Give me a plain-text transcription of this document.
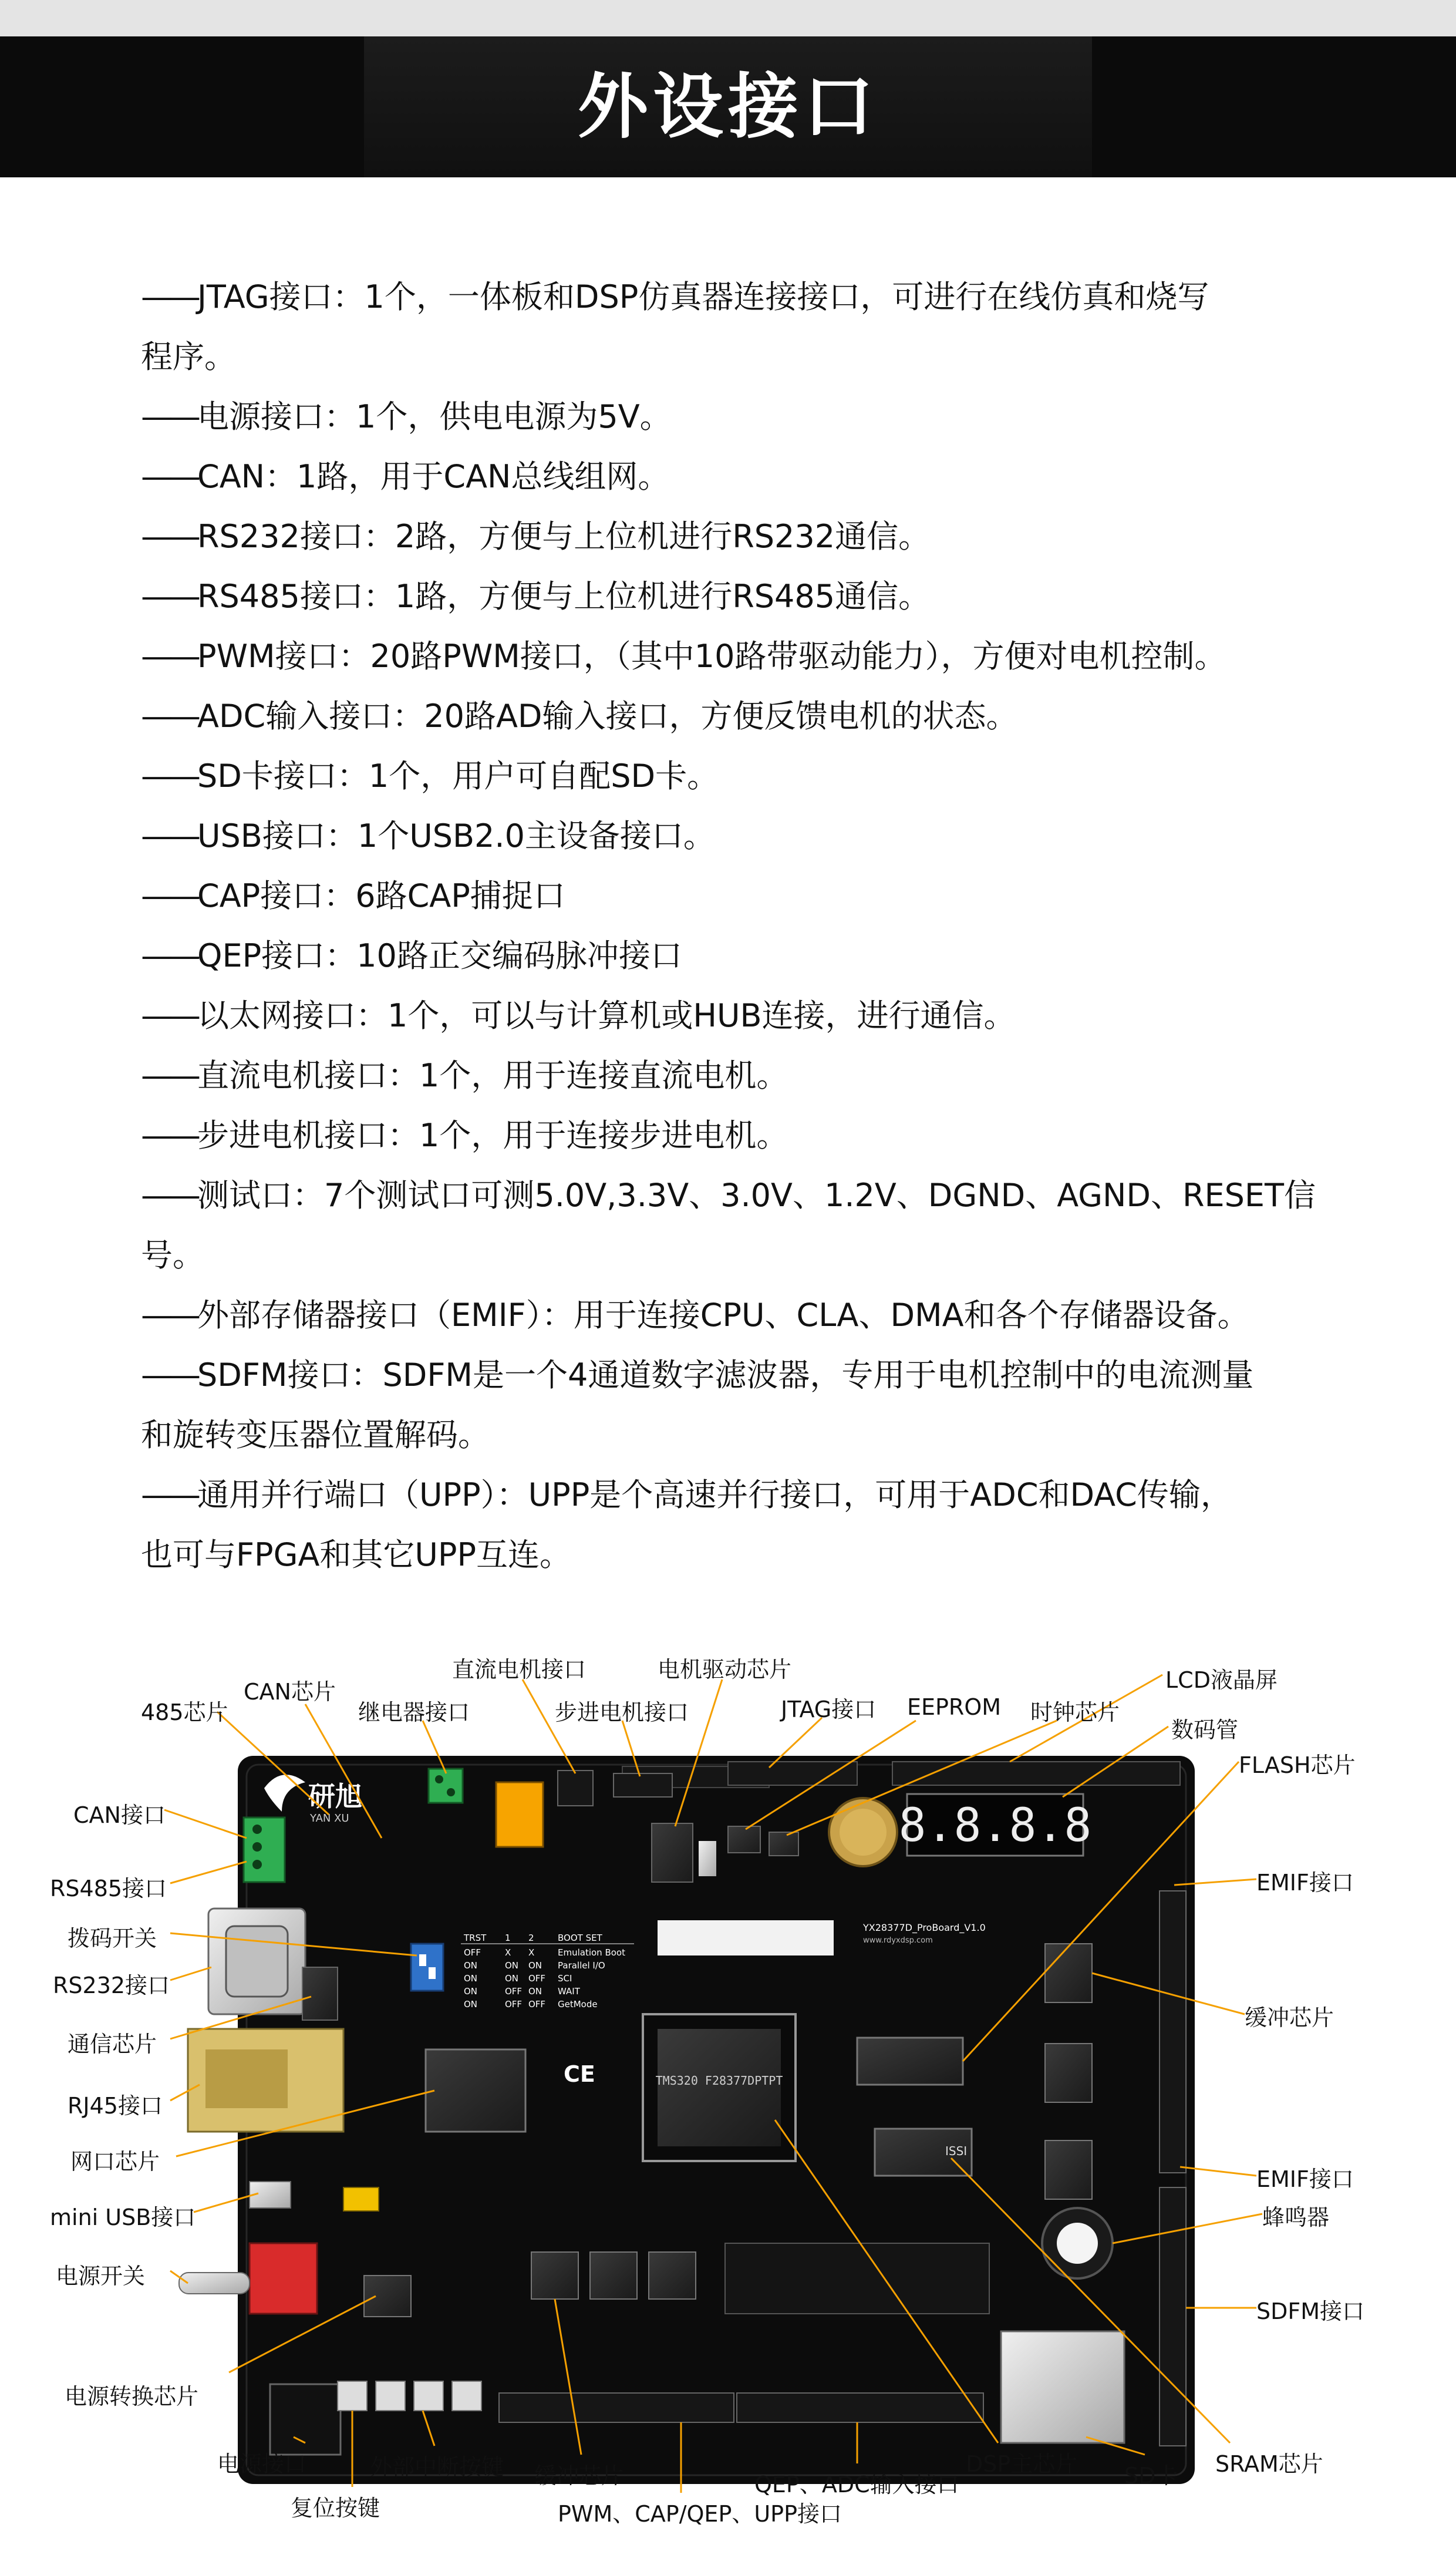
外设接口
——JTAG接口：1个，一体板和DSP仿真器连接接口，可进行在线仿真和烧写
程序。
——电源接口：1个，供电电源为5V。
——CAN：1路，用于CAN总线组网。
——RS232接口：2路，方便与上位机进行RS232通信。
——RS485接口：1路，方便与上位机进行RS485通信。
——PWM接口：20路PWM接口，（其中10路带驱动能力），方便对电机控制。
——ADC输入接口：20路AD输入接口，方便反馈电机的状态。
——SD卡接口：1个，用户可自配SD卡。
——USB接口：1个USB2.0主设备接口。
——CAP接口：6路CAP捕捉口
——QEP接口：10路正交编码脉冲接口
——以太网接口：1个，可以与计算机或HUB连接，进行通信。
——直流电机接口：1个，用于连接直流电机。
——步进电机接口：1个，用于连接步进电机。
——测试口：7个测试口可测5.0V,3.3V、3.0V、1.2V、DGND、AGND、RESET信
号。
——外部存储器接口（EMIF）：用于连接CPU、CLA、DMA和各个存储器设备。
——SDFM接口：SDFM是一个4通道数字滤波器，专用于电机控制中的电流测量
和旋转变压器位置解码。
——通用并行端口（UPP）：UPP是个高速并行接口，可用于ADC和DAC传输，
也可与FPGA和其它UPP互连。
研旭
YAN XU	8.8.8.8
TRST 1 2	BOOT SET
OFF	X X	Emulation Boot
ON	ON ON Parallel I/O
ON	ON OFF SCI
ON	OFF ON WAIT
ON	OFF OFF GetMode
YX28377D_ProBoard_V1.0
www.rdyxdsp.com
CE	TMS320 F28377DPTPT
ISSI
CAN芯片
继电器接口
直流电机接口	电机驱动芯片
步进电机接口	JTAG接口 EEPROM 时钟芯片
LCD液晶屏
数码管
FLASH芯片
485芯片
CAN接口
RS485接口
拨码开关
RS232接口
通信芯片
RJ45接口
网口芯片
mini USB接口
电源开关
电源转换芯片
电源接口
复位按键
外部中断按键 缓冲芯片
PWM、CAP/QEP、UPP接口
QEP、ADC输入接口
DSP主芯片 SD卡 SRAM芯片
EMIF接口
缓冲芯片
EMIF接口
蜂鸣器
SDFM接口
